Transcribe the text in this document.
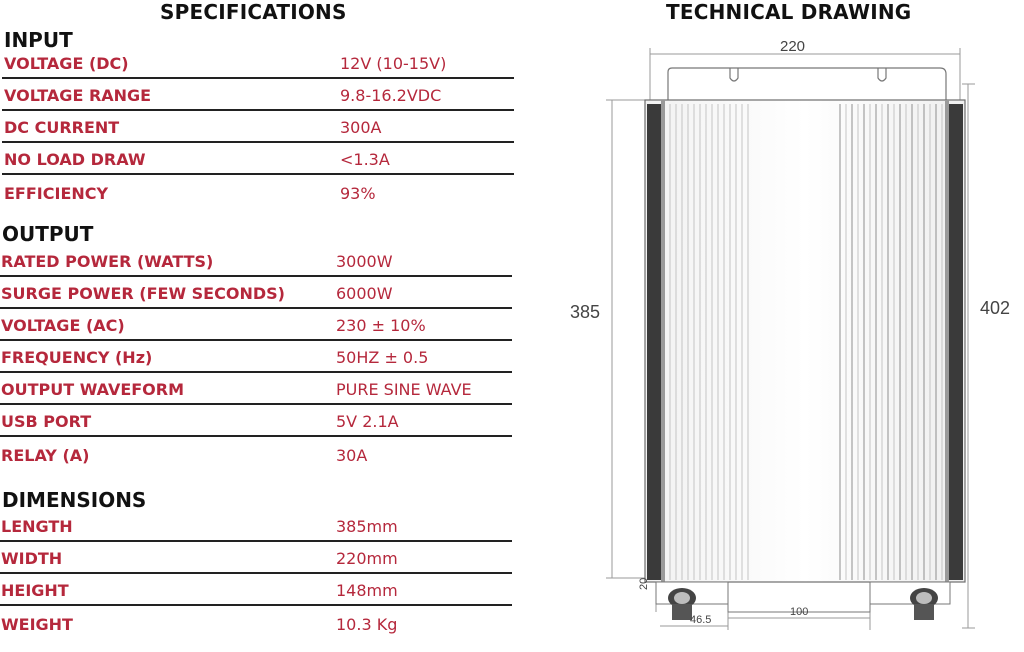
SPECIFICATIONS	TECHNICAL DRAWING
INPUT
VOLTAGE (DC)	12V (10-15V)
VOLTAGE RANGE	9.8-16.2VDC
DC CURRENT	300A
NO LOAD DRAW	<1.3A
EFFICIENCY	93%
OUTPUT
RATED POWER (WATTS)	3000W
SURGE POWER (FEW SECONDS)	6000W
VOLTAGE (AC)	230 ± 10%
FREQUENCY (Hz)	50HZ ± 0.5
OUTPUT WAVEFORM	PURE SINE WAVE
USB PORT	5V 2.1A
RELAY (A)	30A
DIMENSIONS
LENGTH	385mm
WIDTH	220mm
HEIGHT	148mm
WEIGHT	10.3 Kg
220
385	402
20
46.5
100
